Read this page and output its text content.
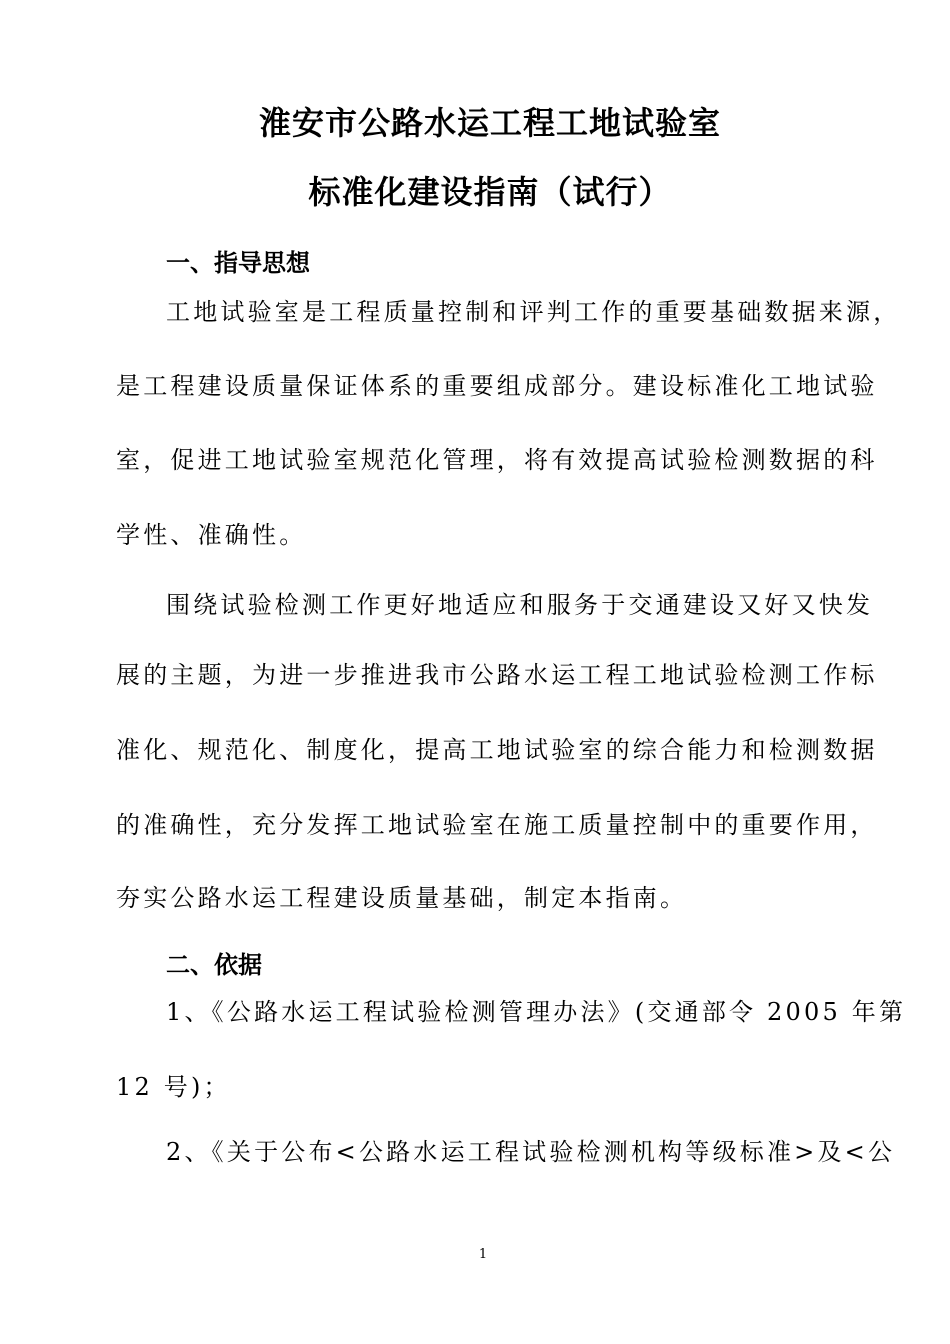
淮安市公路水运工程工地试验室
标准化建设指南（试行）
一、指导思想
工地试验室是工程质量控制和评判工作的重要基础数据来源，
是工程建设质量保证体系的重要组成部分。建设标准化工地试验
室，促进工地试验室规范化管理，将有效提高试验检测数据的科
学性、准确性。
围绕试验检测工作更好地适应和服务于交通建设又好又快发
展的主题，为进一步推进我市公路水运工程工地试验检测工作标
准化、规范化、制度化，提高工地试验室的综合能力和检测数据
的准确性，充分发挥工地试验室在施工质量控制中的重要作用，
夯实公路水运工程建设质量基础，制定本指南。
二、依据
1、《公路水运工程试验检测管理办法》(交通部令 2005 年第
12 号)；
2、《关于公布<公路水运工程试验检测机构等级标准>及<公
1
